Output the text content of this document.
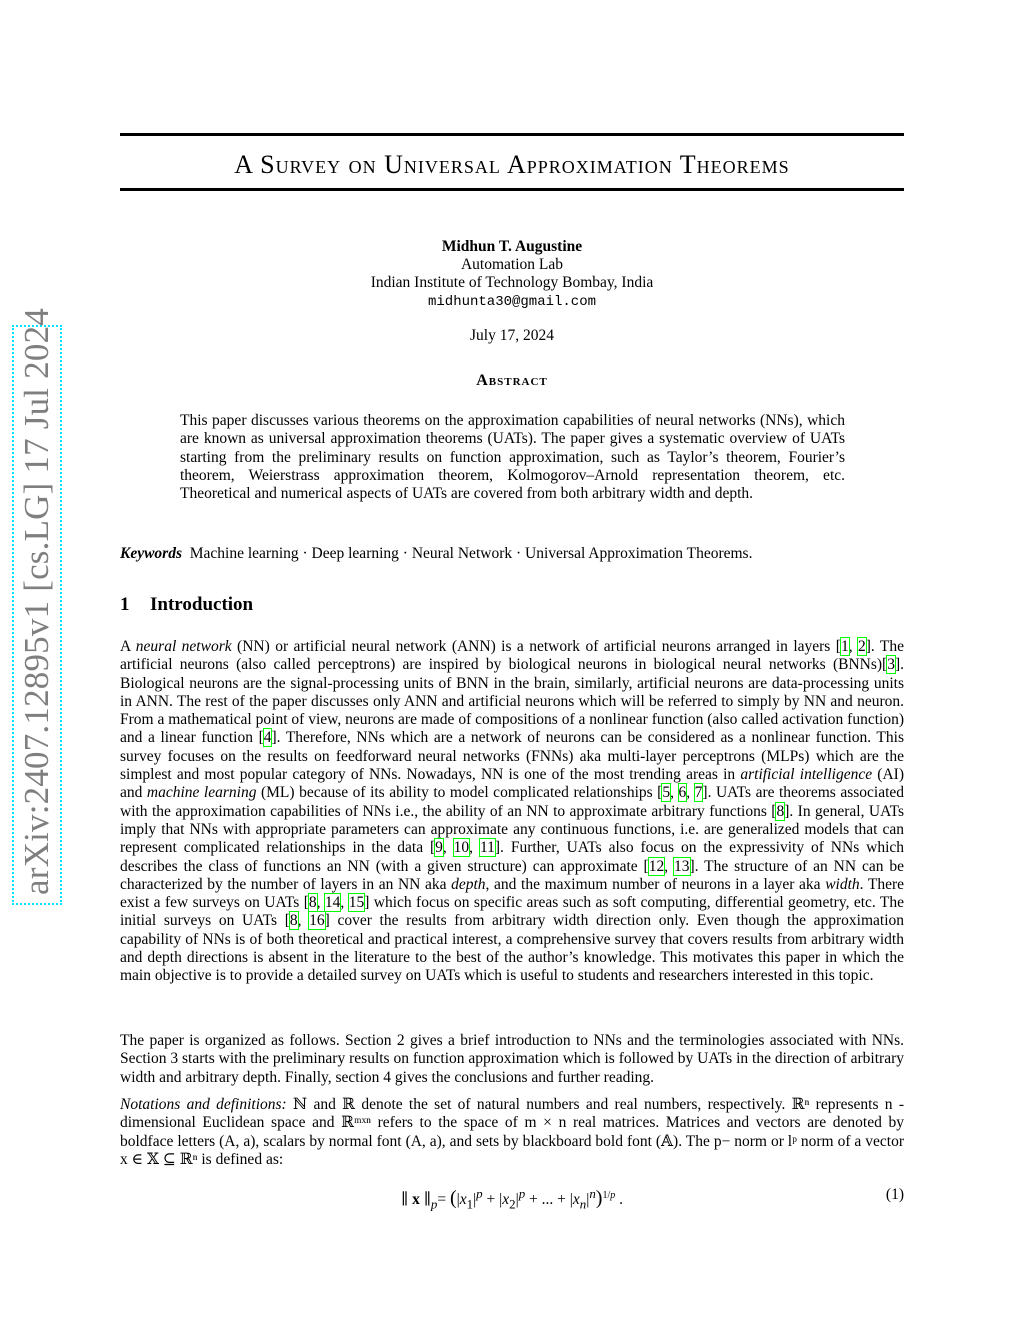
arXiv:2407.12895v1 [cs.LG] 17 Jul 2024
A Survey on Universal Approximation Theorems
Midhun T. Augustine
Automation Lab
Indian Institute of Technology Bombay, India
midhunta30@gmail.com
July 17, 2024
Abstract
This paper discusses various theorems on the approximation capabilities of neural networks (NNs), which are known as universal approximation theorems (UATs). The paper gives a systematic overview of UATs starting from the preliminary results on function approximation, such as Taylor’s theorem, Fourier’s theorem, Weierstrass approximation theorem, Kolmogorov–Arnold representation theorem, etc. Theoretical and numerical aspects of UATs are covered from both arbitrary width and depth.
Keywords Machine learning · Deep learning · Neural Network · Universal Approximation Theorems.
1 Introduction
A neural network (NN) or artificial neural network (ANN) is a network of artificial neurons arranged in layers [1, 2]. The artificial neurons (also called perceptrons) are inspired by biological neurons in biological neural networks (BNNs)[3]. Biological neurons are the signal-processing units of BNN in the brain, similarly, artificial neurons are data-processing units in ANN. The rest of the paper discusses only ANN and artificial neurons which will be referred to simply by NN and neuron. From a mathematical point of view, neurons are made of compositions of a nonlinear function (also called activation function) and a linear function [4]. Therefore, NNs which are a network of neurons can be considered as a nonlinear function. This survey focuses on the results on feedforward neural networks (FNNs) aka multi-layer perceptrons (MLPs) which are the simplest and most popular category of NNs. Nowadays, NN is one of the most trending areas in artificial intelligence (AI) and machine learning (ML) because of its ability to model complicated relationships [5, 6, 7]. UATs are theorems associated with the approximation capabilities of NNs i.e., the ability of an NN to approximate arbitrary functions [8]. In general, UATs imply that NNs with appropriate parameters can approximate any continuous functions, i.e. are generalized models that can represent complicated relationships in the data [9, 10, 11]. Further, UATs also focus on the expressivity of NNs which describes the class of functions an NN (with a given structure) can approximate [12, 13]. The structure of an NN can be characterized by the number of layers in an NN aka depth, and the maximum number of neurons in a layer aka width. There exist a few surveys on UATs [8, 14, 15] which focus on specific areas such as soft computing, differential geometry, etc. The initial surveys on UATs [8, 16] cover the results from arbitrary width direction only. Even though the approximation capability of NNs is of both theoretical and practical interest, a comprehensive survey that covers results from arbitrary width and depth directions is absent in the literature to the best of the author’s knowledge. This motivates this paper in which the main objective is to provide a detailed survey on UATs which is useful to students and researchers interested in this topic.
The paper is organized as follows. Section 2 gives a brief introduction to NNs and the terminologies associated with NNs. Section 3 starts with the preliminary results on function approximation which is followed by UATs in the direction of arbitrary width and arbitrary depth. Finally, section 4 gives the conclusions and further reading.
Notations and definitions: ℕ and ℝ denote the set of natural numbers and real numbers, respectively. ℝⁿ represents n - dimensional Euclidean space and ℝᵐˣⁿ refers to the space of m × n real matrices. Matrices and vectors are denoted by boldface letters (A, a), scalars by normal font (A, a), and sets by blackboard bold font (𝔸). The p− norm or lᵖ norm of a vector x ∈ 𝕏 ⊆ ℝⁿ is defined as:
∥ x $\parallel_p= (|x_1|^p + |x_2|^p$ + ... + $|x_n|^n)^{1/p}$ .	(1)
